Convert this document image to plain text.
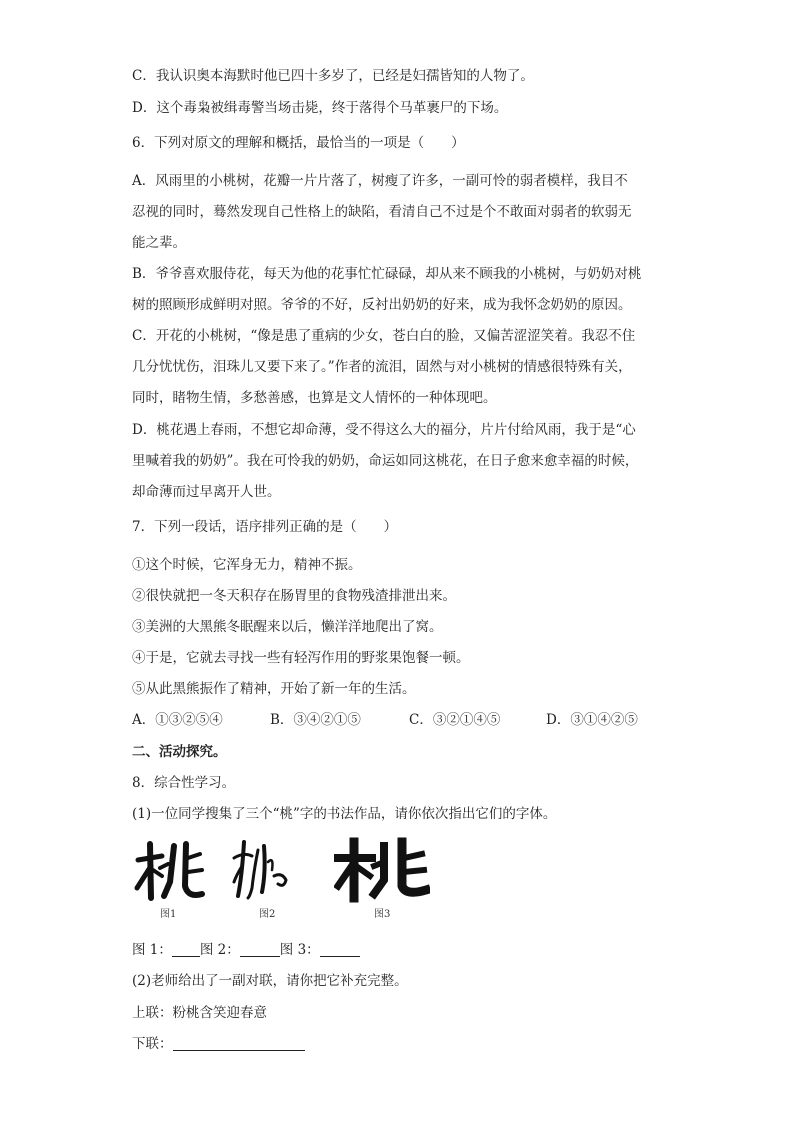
C．我认识奥本海默时他已四十多岁了，已经是妇孺皆知的人物了。
D．这个毒枭被缉毒警当场击毙，终于落得个马革裹尸的下场。
6．下列对原文的理解和概括，最恰当的一项是（　　）
A．风雨里的小桃树，花瓣一片片落了，树瘦了许多，一副可怜的弱者模样，我目不
忍视的同时，蓦然发现自己性格上的缺陷，看清自己不过是个不敢面对弱者的软弱无
能之辈。
B．爷爷喜欢服侍花，每天为他的花事忙忙碌碌，却从来不顾我的小桃树，与奶奶对桃
树的照顾形成鲜明对照。爷爷的不好，反衬出奶奶的好来，成为我怀念奶奶的原因。
C．开花的小桃树，“像是患了重病的少女，苍白白的脸，又偏苦涩涩笑着。我忍不住
几分忧忧伤，泪珠儿又要下来了。”作者的流泪，固然与对小桃树的情感很特殊有关，
同时，睹物生情，多愁善感，也算是文人情怀的一种体现吧。
D．桃花遇上春雨，不想它却命薄，受不得这么大的福分，片片付给风雨，我于是“心
里喊着我的奶奶”。我在可怜我的奶奶，命运如同这桃花，在日子愈来愈幸福的时候，
却命薄而过早离开人世。
7．下列一段话，语序排列正确的是（　　）
①这个时候，它浑身无力，精神不振。
②很快就把一冬天积存在肠胃里的食物残渣排泄出来。
③美洲的大黑熊冬眠醒来以后，懒洋洋地爬出了窝。
④于是，它就去寻找一些有轻泻作用的野浆果饱餐一顿。
⑤从此黑熊振作了精神，开始了新一年的生活。
A．①③②⑤④	B．③④②①⑤	C．③②①④⑤	D．③①④②⑤
二、活动探究。
8．综合性学习。
(1)一位同学搜集了三个“桃”字的书法作品，请你依次指出它们的字体。
图1	图2	图3
图 1： 图 2：	图 3：
(2)老师给出了一副对联，请你把它补充完整。
上联：粉桃含笑迎春意
下联：
